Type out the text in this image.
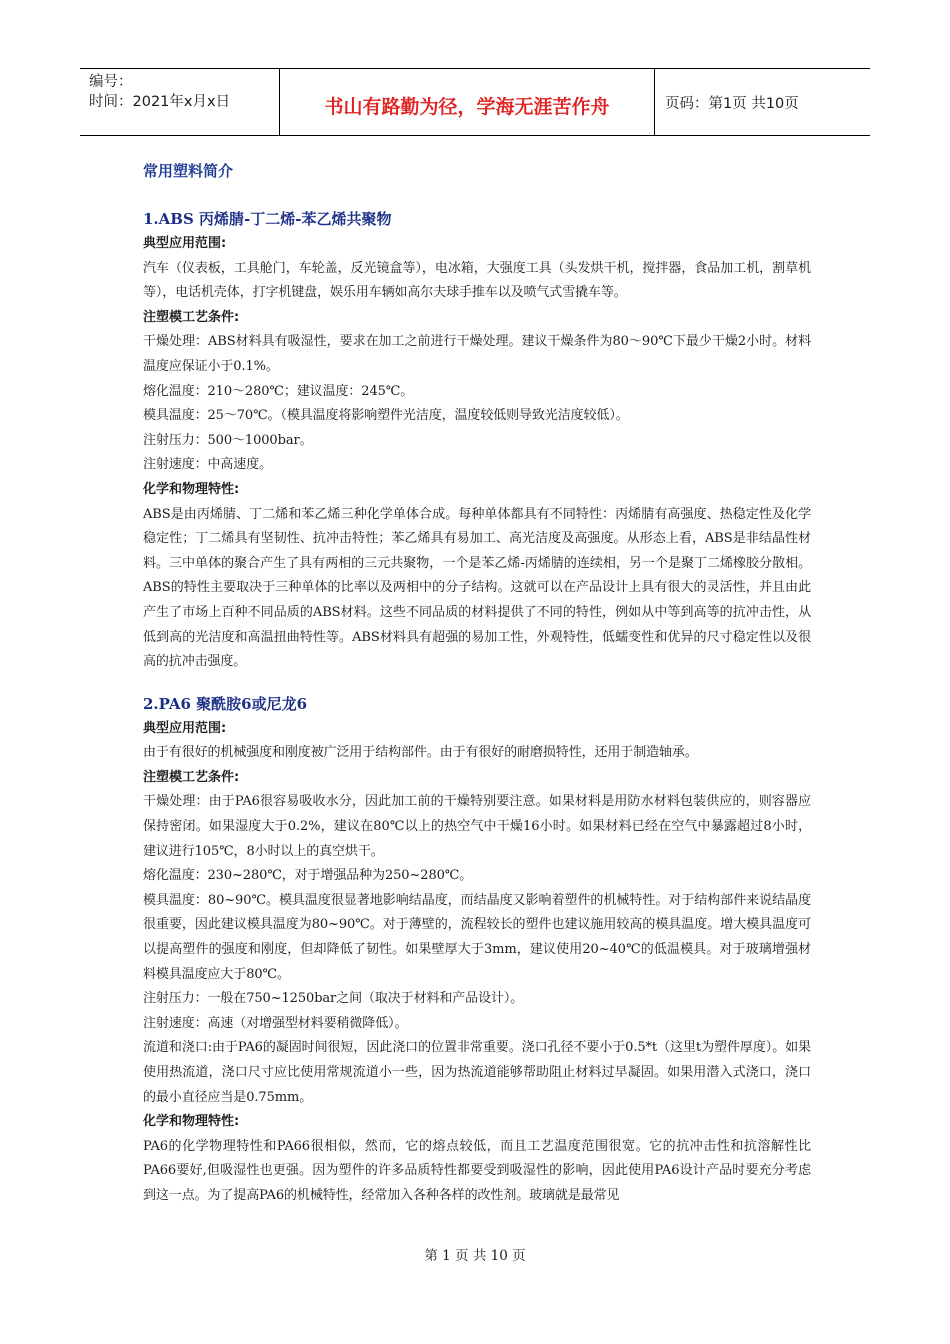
编号：
时间：2021年x月x日	书山有路勤为径，学海无涯苦作舟	页码：第1页 共10页
常用塑料简介
1.ABS 丙烯腈-丁二烯-苯乙烯共聚物
典型应用范围:
汽车（仪表板，工具舱门，车轮盖，反光镜盒等），电冰箱，大强度工具（头发烘干机，搅拌器，食品加工机，割草机等），电话机壳体，打字机键盘，娱乐用车辆如高尔夫球手推车以及喷气式雪撬车等。
注塑模工艺条件:
干燥处理：ABS材料具有吸湿性，要求在加工之前进行干燥处理。建议干燥条件为80～90℃下最少干燥2小时。材料温度应保证小于0.1%。
熔化温度：210～280℃；建议温度：245℃。
模具温度：25～70℃。（模具温度将影响塑件光洁度，温度较低则导致光洁度较低）。
注射压力：500～1000bar。
注射速度：中高速度。
化学和物理特性:
ABS是由丙烯腈、丁二烯和苯乙烯三种化学单体合成。每种单体都具有不同特性：丙烯腈有高强度、热稳定性及化学稳定性；丁二烯具有坚韧性、抗冲击特性；苯乙烯具有易加工、高光洁度及高强度。从形态上看，ABS是非结晶性材料。三中单体的聚合产生了具有两相的三元共聚物，一个是苯乙烯-丙烯腈的连续相，另一个是聚丁二烯橡胶分散相。ABS的特性主要取决于三种单体的比率以及两相中的分子结构。这就可以在产品设计上具有很大的灵活性，并且由此产生了市场上百种不同品质的ABS材料。这些不同品质的材料提供了不同的特性，例如从中等到高等的抗冲击性，从低到高的光洁度和高温扭曲特性等。ABS材料具有超强的易加工性，外观特性，低蠕变性和优异的尺寸稳定性以及很高的抗冲击强度。
2.PA6 聚酰胺6或尼龙6
典型应用范围:
由于有很好的机械强度和刚度被广泛用于结构部件。由于有很好的耐磨损特性，还用于制造轴承。
注塑模工艺条件:
干燥处理：由于PA6很容易吸收水分，因此加工前的干燥特别要注意。如果材料是用防水材料包装供应的，则容器应保持密闭。如果湿度大于0.2%，建议在80℃以上的热空气中干燥16小时。如果材料已经在空气中暴露超过8小时，建议进行105℃，8小时以上的真空烘干。
熔化温度：230~280℃，对于增强品种为250~280℃。
模具温度：80~90℃。模具温度很显著地影响结晶度，而结晶度又影响着塑件的机械特性。对于结构部件来说结晶度很重要，因此建议模具温度为80~90℃。对于薄壁的，流程较长的塑件也建议施用较高的模具温度。增大模具温度可以提高塑件的强度和刚度，但却降低了韧性。如果壁厚大于3mm，建议使用20~40℃的低温模具。对于玻璃增强材料模具温度应大于80℃。
注射压力：一般在750~1250bar之间（取决于材料和产品设计）。
注射速度：高速（对增强型材料要稍微降低）。
流道和浇口:由于PA6的凝固时间很短，因此浇口的位置非常重要。浇口孔径不要小于0.5*t（这里t为塑件厚度）。如果使用热流道，浇口尺寸应比使用常规流道小一些，因为热流道能够帮助阻止材料过早凝固。如果用潜入式浇口，浇口的最小直径应当是0.75mm。
化学和物理特性:
PA6的化学物理特性和PA66很相似，然而，它的熔点较低，而且工艺温度范围很宽。它的抗冲击性和抗溶解性比PA66要好,但吸湿性也更强。因为塑件的许多品质特性都要受到吸湿性的影响，因此使用PA6设计产品时要充分考虑到这一点。为了提高PA6的机械特性，经常加入各种各样的改性剂。玻璃就是最常见
第 1 页 共 10 页
